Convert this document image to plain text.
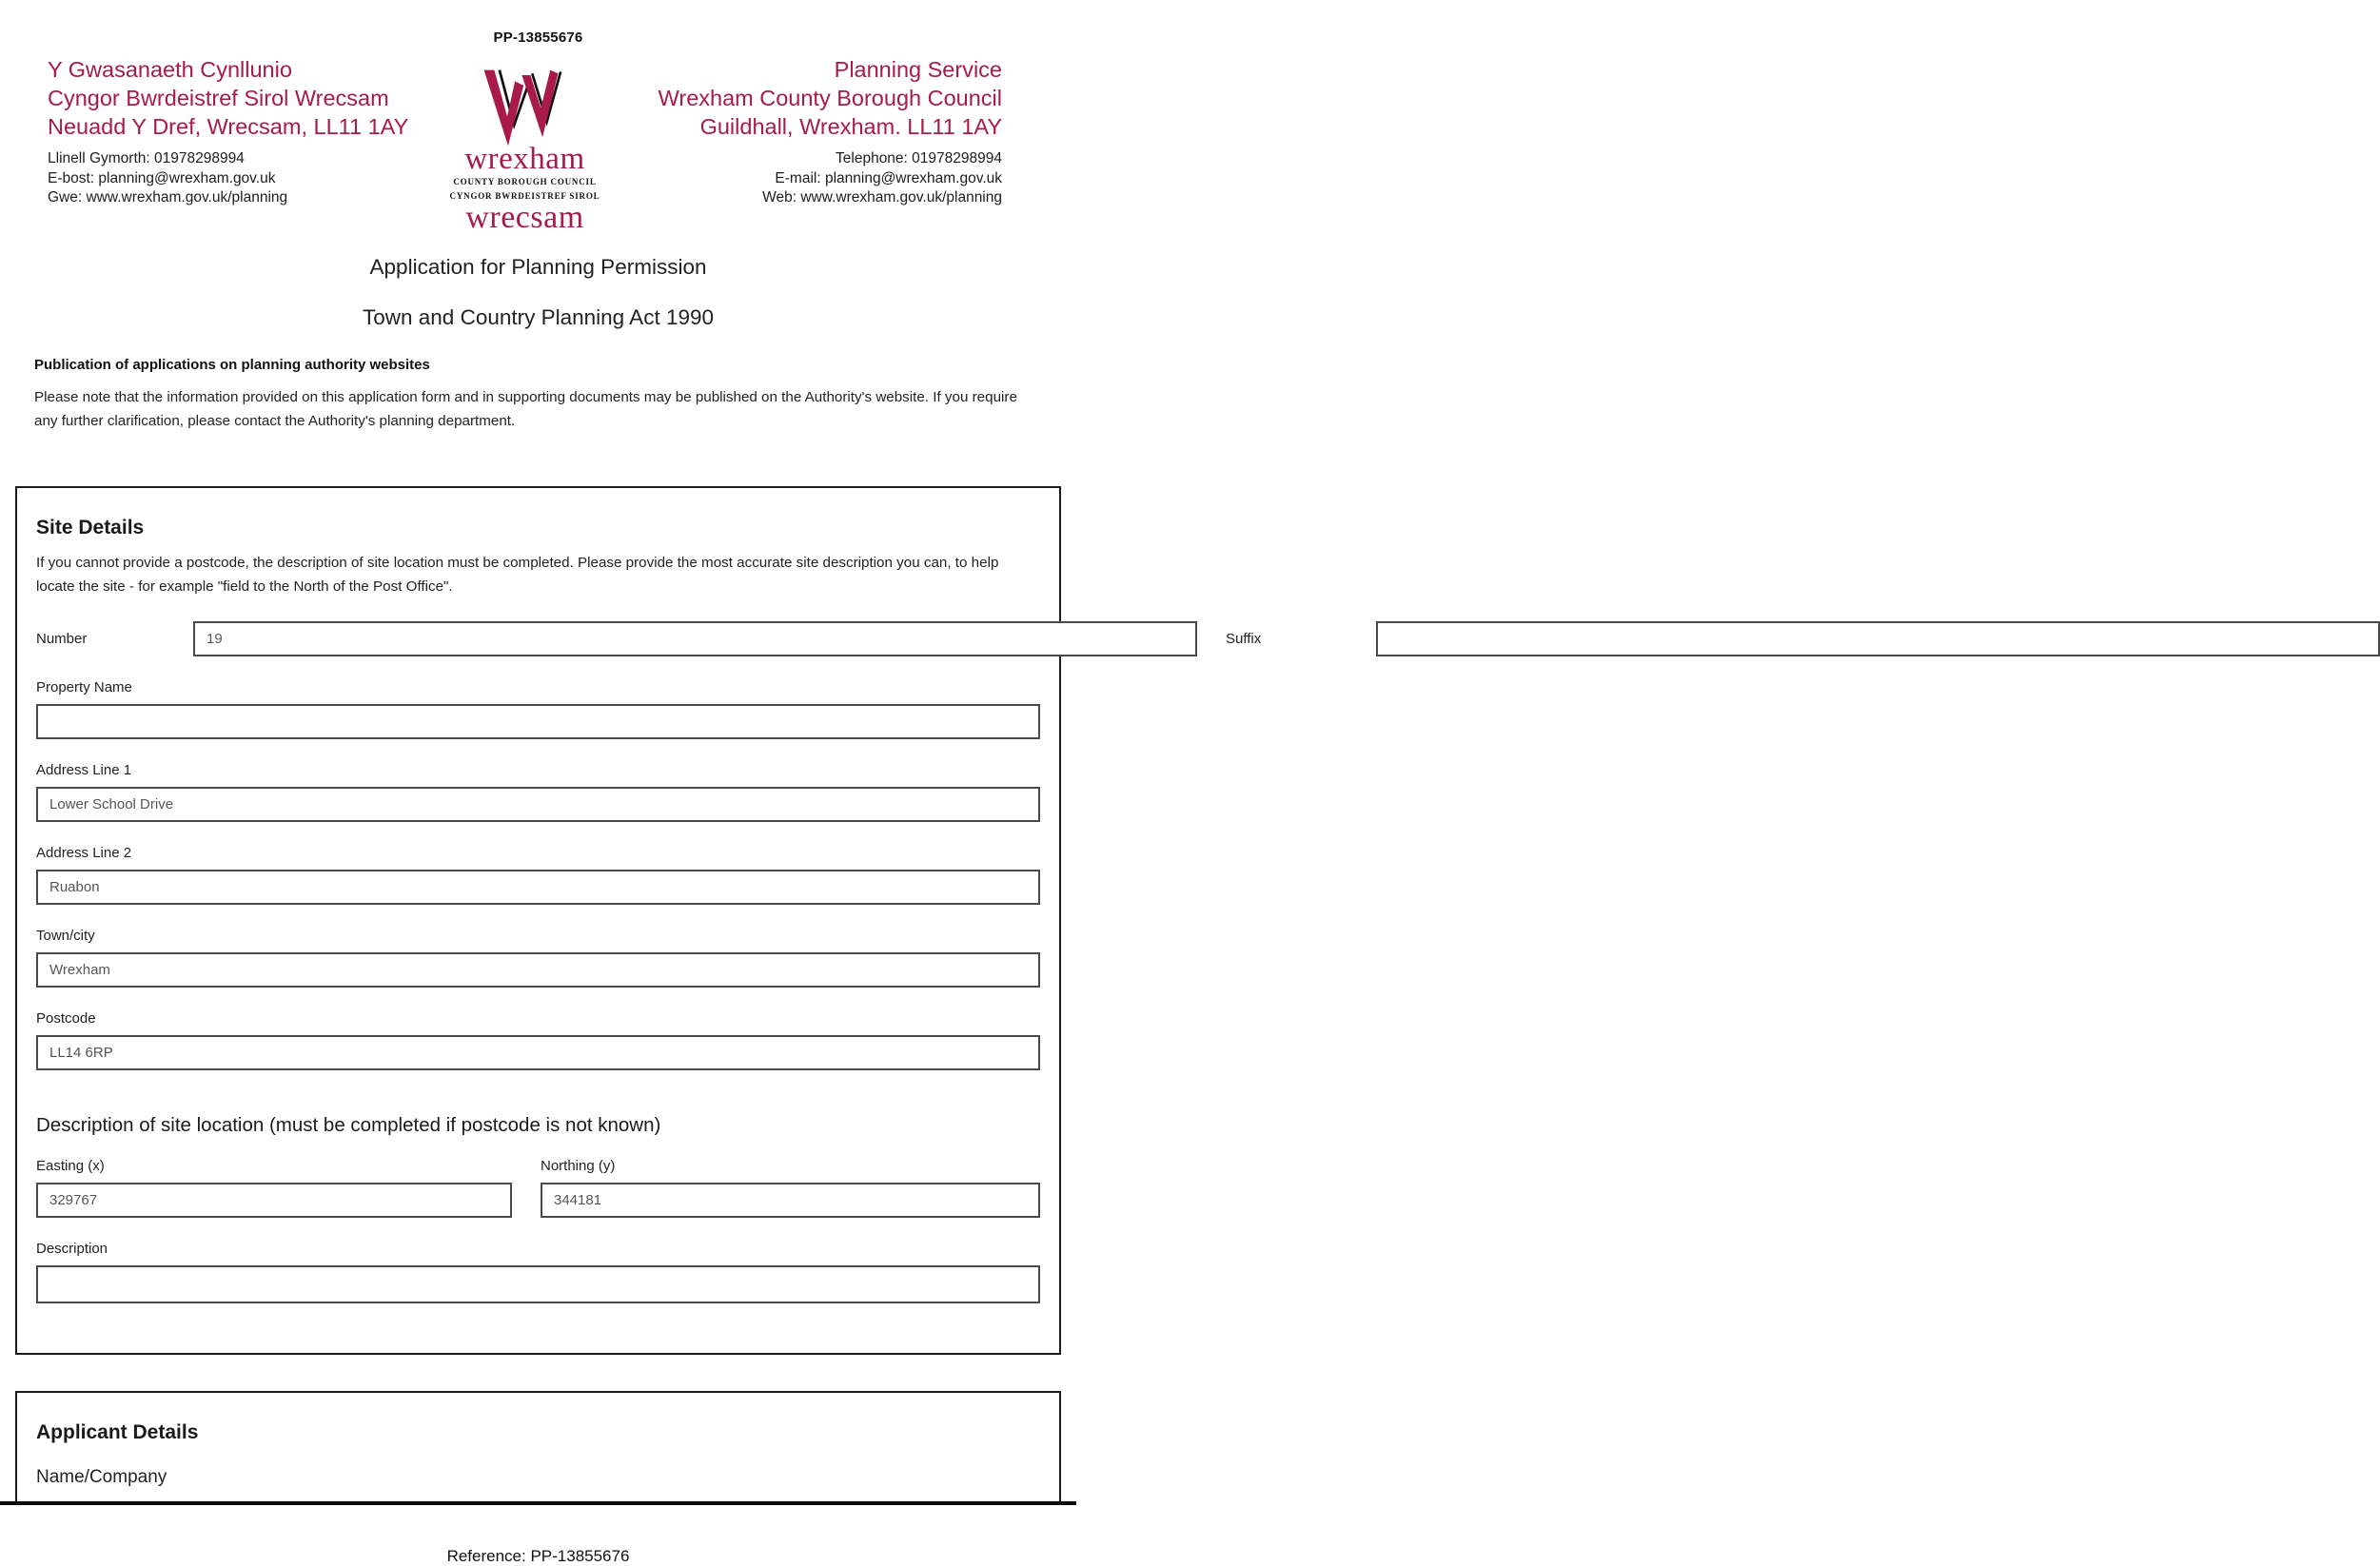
PP-13855676
Y Gwasanaeth Cynllunio
Cyngor Bwrdeistref Sirol Wrecsam
Neuadd Y Dref, Wrecsam, LL11 1AY
Llinell Gymorth: 01978298994
E-bost: planning@wrexham.gov.uk
Gwe: www.wrexham.gov.uk/planning
wrexham
COUNTY BOROUGH COUNCIL
CYNGOR BWRDEISTREF SIROL
wrecsam
Planning Service
Wrexham County Borough Council
Guildhall, Wrexham. LL11 1AY
Telephone: 01978298994
E-mail: planning@wrexham.gov.uk
Web: www.wrexham.gov.uk/planning
Application for Planning Permission
Town and Country Planning Act 1990
Publication of applications on planning authority websites
Please note that the information provided on this application form and in supporting documents may be published on the Authority's website. If you require any further clarification, please contact the Authority's planning department.
Site Details
If you cannot provide a postcode, the description of site location must be completed. Please provide the most accurate site description you can, to help locate the site - for example "field to the North of the Post Office".
Number
19	Suffix
Property Name
Address Line 1
Lower School Drive
Address Line 2
Ruabon
Town/city
Wrexham
Postcode
LL14 6RP
Description of site location (must be completed if postcode is not known)
Easting (x)
329767	Northing (y)
344181
Description
Applicant Details
Name/Company
Reference: PP-13855676
